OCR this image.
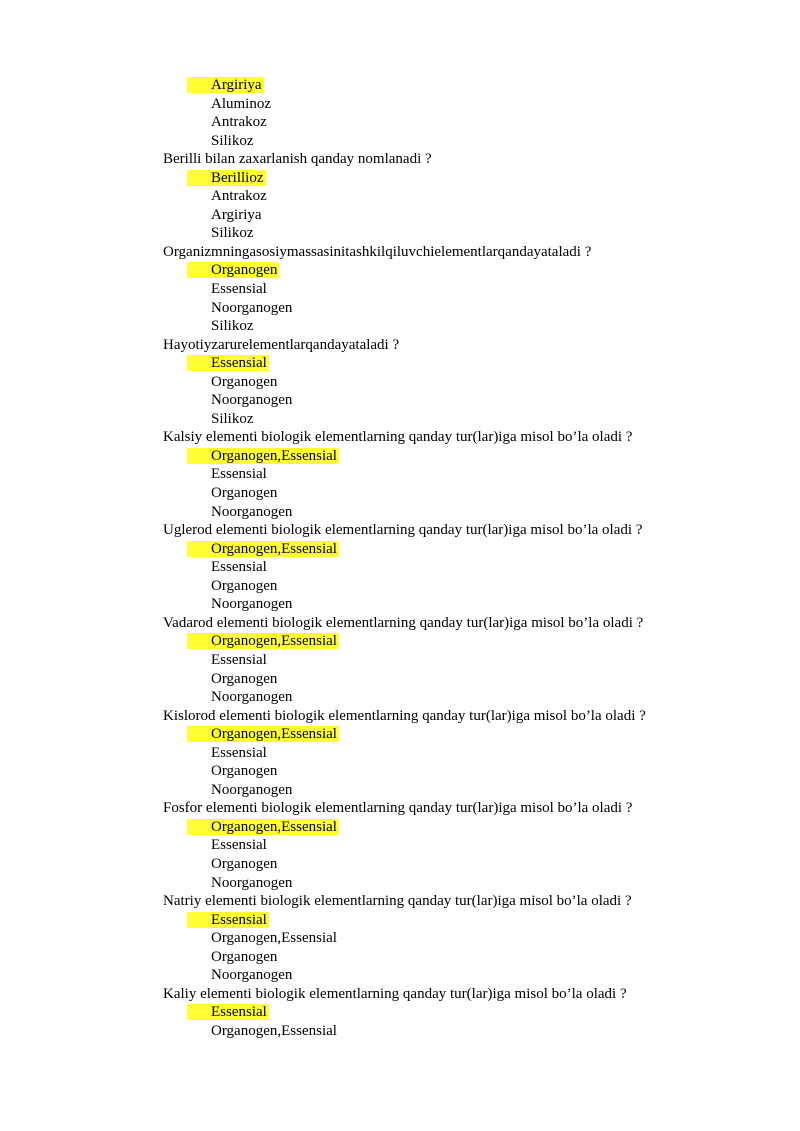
Argiriya
Aluminoz
Antrakoz
Silikoz
Berilli bilan zaxarlanish qanday nomlanadi ?
Berillioz
Antrakoz
Argiriya
Silikoz
Organizmningasosiymassasinitashkilqiluvchielementlarqandayataladi ?
Organogen
Essensial
Noorganogen
Silikoz
Hayotiyzarurelementlarqandayataladi ?
Essensial
Organogen
Noorganogen
Silikoz
Kalsiy elementi biologik elementlarning qanday tur(lar)iga misol bo’la oladi ?
Organogen,Essensial
Essensial
Organogen
Noorganogen
Uglerod elementi biologik elementlarning qanday tur(lar)iga misol bo’la oladi ?
Organogen,Essensial
Essensial
Organogen
Noorganogen
Vadarod elementi biologik elementlarning qanday tur(lar)iga misol bo’la oladi ?
Organogen,Essensial
Essensial
Organogen
Noorganogen
Kislorod elementi biologik elementlarning qanday tur(lar)iga misol bo’la oladi ?
Organogen,Essensial
Essensial
Organogen
Noorganogen
Fosfor elementi biologik elementlarning qanday tur(lar)iga misol bo’la oladi ?
Organogen,Essensial
Essensial
Organogen
Noorganogen
Natriy elementi biologik elementlarning qanday tur(lar)iga misol bo’la oladi ?
Essensial
Organogen,Essensial
Organogen
Noorganogen
Kaliy elementi biologik elementlarning qanday tur(lar)iga misol bo’la oladi ?
Essensial
Organogen,Essensial
